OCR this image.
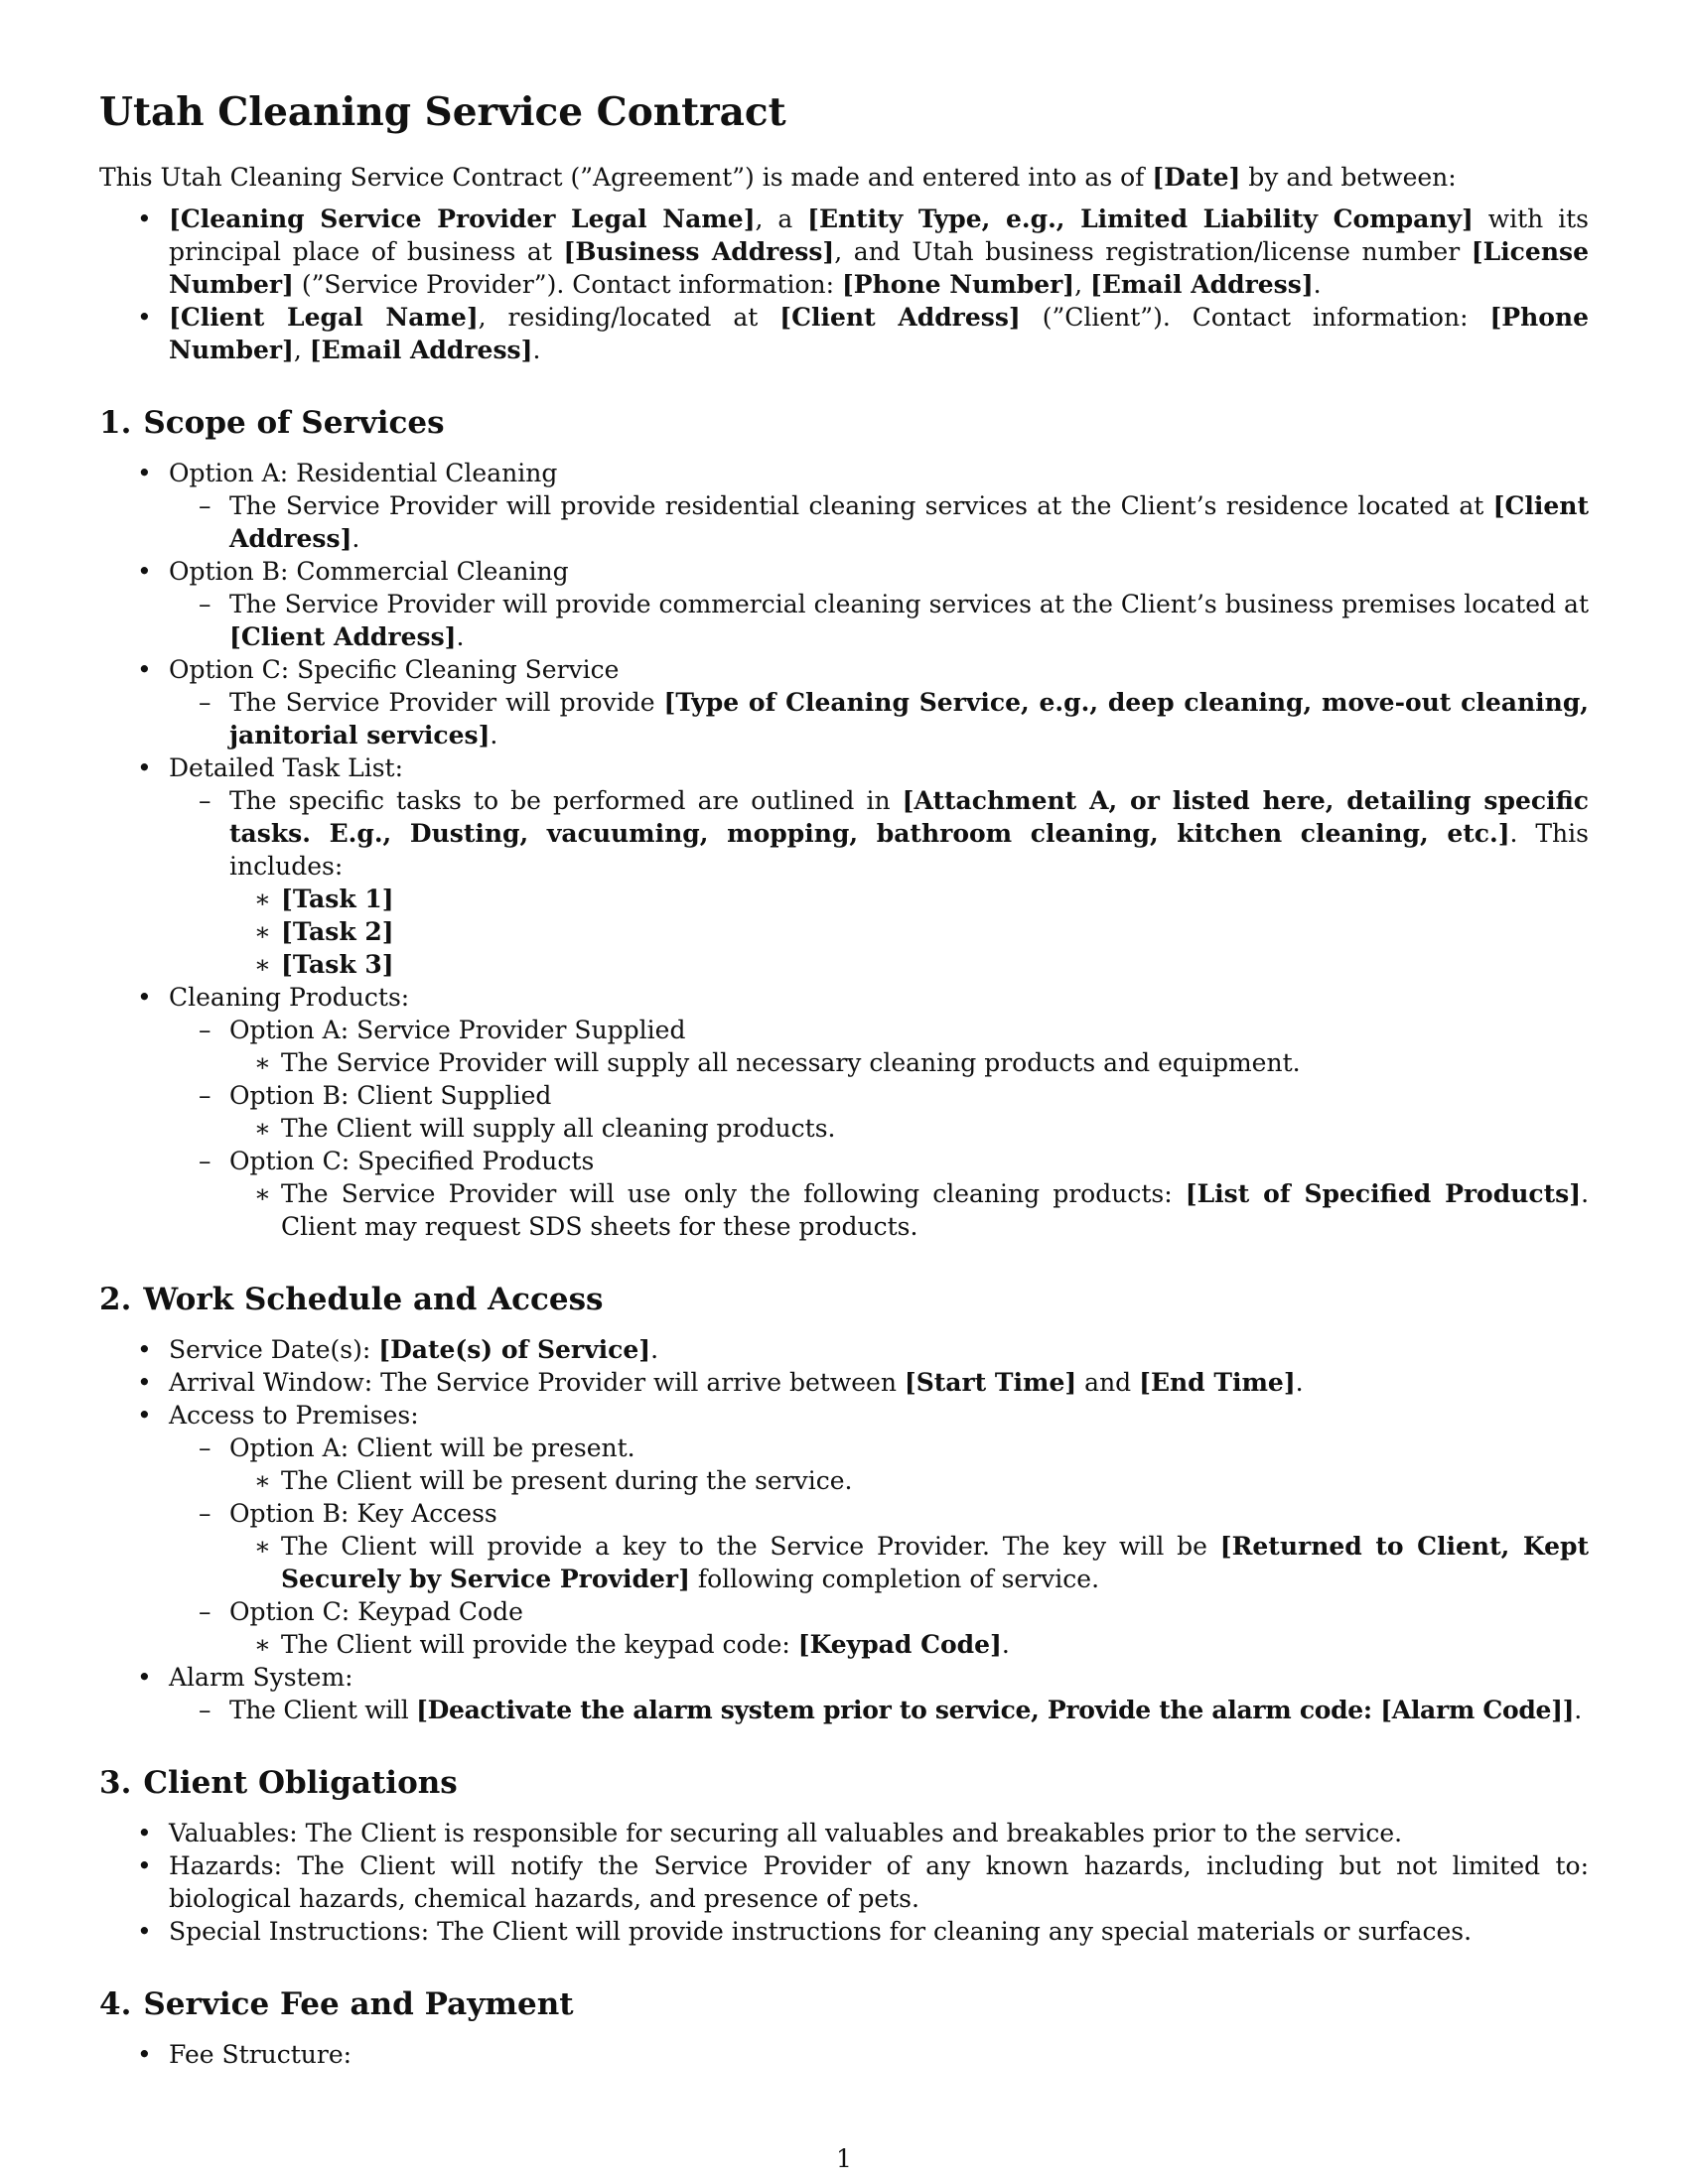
Utah Cleaning Service Contract

This Utah Cleaning Service Contract (”Agreement”) is made and entered into as of [Date] by and between:

• [Cleaning Service Provider Legal Name], a [Entity Type, e.g., Limited Liability Company] with its principal place of business at [Business Address], and Utah business registration/license number [License Number] (”Service Provider”). Contact information: [Phone Number], [Email Address].
• [Client Legal Name], residing/located at [Client Address] (”Client”). Contact information: [Phone Number], [Email Address].
1. Scope of Services
• Option A: Residential Cleaning
– The Service Provider will provide residential cleaning services at the Client’s residence located at [Client Address].
• Option B: Commercial Cleaning
– The Service Provider will provide commercial cleaning services at the Client’s business premises located at [Client Address].
• Option C: Specific Cleaning Service
– The Service Provider will provide [Type of Cleaning Service, e.g., deep cleaning, move-out cleaning, janitorial services].
• Detailed Task List:
– The specific tasks to be performed are outlined in [Attachment A, or listed here, detailing specific tasks. E.g., Dusting, vacuuming, mopping, bathroom cleaning, kitchen cleaning, etc.]. This includes:
∗ [Task 1]
∗ [Task 2]
∗ [Task 3]
• Cleaning Products:
– Option A: Service Provider Supplied
∗ The Service Provider will supply all necessary cleaning products and equipment.
– Option B: Client Supplied
∗ The Client will supply all cleaning products.
– Option C: Specified Products
∗ The Service Provider will use only the following cleaning products: [List of Specified Products]. Client may request SDS sheets for these products.
2. Work Schedule and Access
• Service Date(s): [Date(s) of Service].
• Arrival Window: The Service Provider will arrive between [Start Time] and [End Time].
• Access to Premises:
– Option A: Client will be present.
∗ The Client will be present during the service.
– Option B: Key Access
∗ The Client will provide a key to the Service Provider. The key will be [Returned to Client, Kept Securely by Service Provider] following completion of service.
– Option C: Keypad Code
∗ The Client will provide the keypad code: [Keypad Code].
• Alarm System:
– The Client will [Deactivate the alarm system prior to service, Provide the alarm code: [Alarm Code]].
3. Client Obligations
• Valuables: The Client is responsible for securing all valuables and breakables prior to the service.
• Hazards: The Client will notify the Service Provider of any known hazards, including but not limited to: biological hazards, chemical hazards, and presence of pets.
• Special Instructions: The Client will provide instructions for cleaning any special materials or surfaces.
4. Service Fee and Payment
• Fee Structure:
1
